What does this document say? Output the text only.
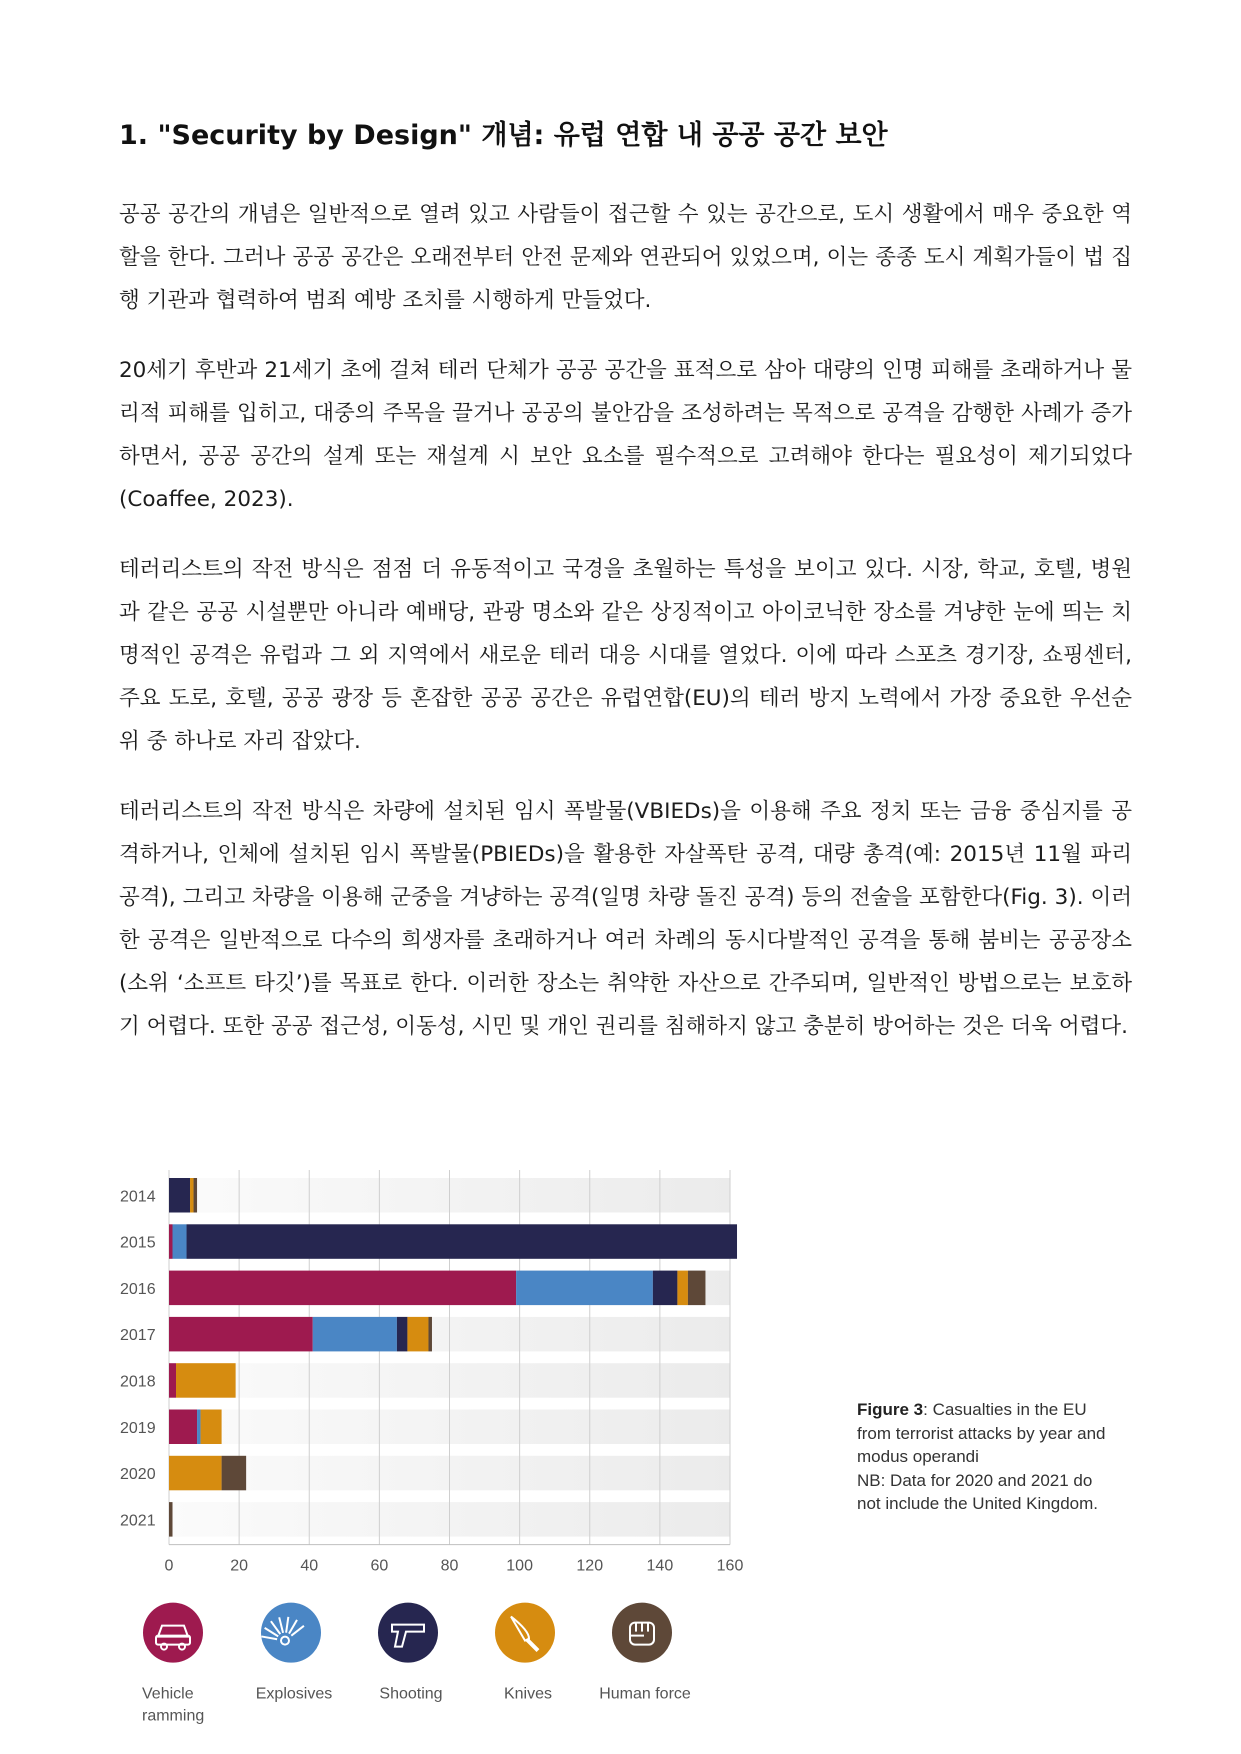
1. "Security by Design" 개념: 유럽 연합 내 공공 공간 보안

공공 공간의 개념은 일반적으로 열려 있고 사람들이 접근할 수 있는 공간으로, 도시 생활에서 매우 중요한 역할을 한다. 그러나 공공 공간은 오래전부터 안전 문제와 연관되어 있었으며, 이는 종종 도시 계획가들이 법 집행 기관과 협력하여 범죄 예방 조치를 시행하게 만들었다.

20세기 후반과 21세기 초에 걸쳐 테러 단체가 공공 공간을 표적으로 삼아 대량의 인명 피해를 초래하거나 물리적 피해를 입히고, 대중의 주목을 끌거나 공공의 불안감을 조성하려는 목적으로 공격을 감행한 사례가 증가하면서, 공공 공간의 설계 또는 재설계 시 보안 요소를 필수적으로 고려해야 한다는 필요성이 제기되었다(Coaffee, 2023).

테러리스트의 작전 방식은 점점 더 유동적이고 국경을 초월하는 특성을 보이고 있다. 시장, 학교, 호텔, 병원과 같은 공공 시설뿐만 아니라 예배당, 관광 명소와 같은 상징적이고 아이코닉한 장소를 겨냥한 눈에 띄는 치명적인 공격은 유럽과 그 외 지역에서 새로운 테러 대응 시대를 열었다. 이에 따라 스포츠 경기장, 쇼핑센터, 주요 도로, 호텔, 공공 광장 등 혼잡한 공공 공간은 유럽연합(EU)의 테러 방지 노력에서 가장 중요한 우선순위 중 하나로 자리 잡았다.

테러리스트의 작전 방식은 차량에 설치된 임시 폭발물(VBIEDs)을 이용해 주요 정치 또는 금융 중심지를 공격하거나, 인체에 설치된 임시 폭발물(PBIEDs)을 활용한 자살폭탄 공격, 대량 총격(예: 2015년 11월 파리 공격), 그리고 차량을 이용해 군중을 겨냥하는 공격(일명 차량 돌진 공격) 등의 전술을 포함한다(Fig. 3). 이러한 공격은 일반적으로 다수의 희생자를 초래하거나 여러 차례의 동시다발적인 공격을 통해 붐비는 공공장소(소위 ‘소프트 타깃’)를 목표로 한다. 이러한 장소는 취약한 자산으로 간주되며, 일반적인 방법으로는 보호하기 어렵다. 또한 공공 접근성, 이동성, 시민 및 개인 권리를 침해하지 않고 충분히 방어하는 것은 더욱 어렵다.

2014
2015
2016
2017
2018
2019
2020
2021
0	20	40	60	80	100	120	140	160
Vehicle
ramming
Explosives	Shooting	Knives	Human force

Figure 3: Casualties in the EU
from terrorist attacks by year and
modus operandi
NB: Data for 2020 and 2021 do
not include the United Kingdom.
